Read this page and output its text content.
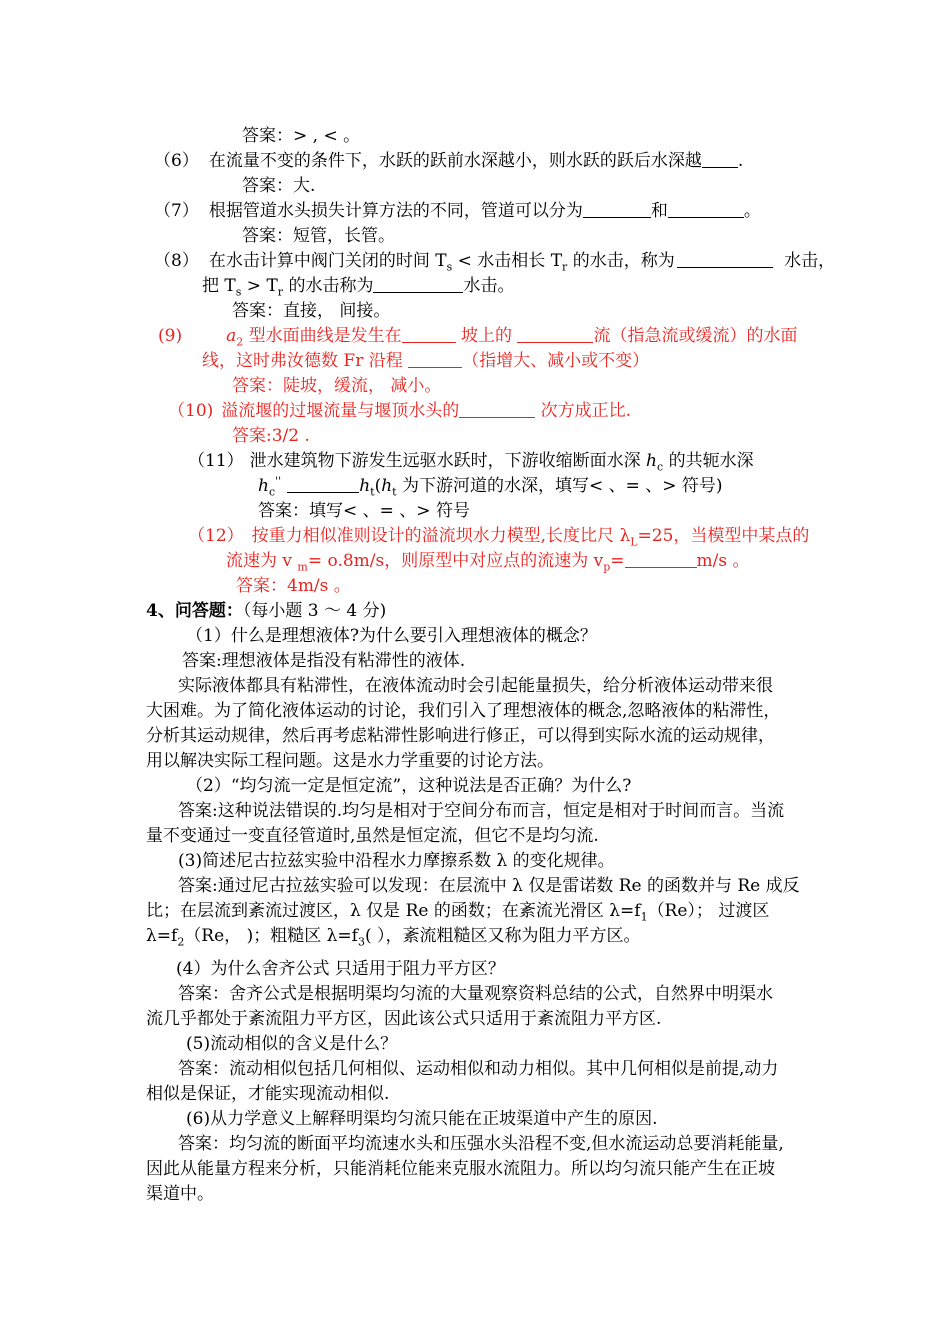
答案：> , < 。
（6） 在流量不变的条件下，水跃的跃前水深越小，则水跃的跃后水深越 .
答案：大.
（7） 根据管道水头损失计算方法的不同，管道可以分为	和	。
答案：短管，长管。
（8） 在水击计算中阀门关闭的时间 $T_s$ < 水击相长 $T_r$ 的水击，称为	水击，
把 $T_s > T_r$ 的水击称为	水击。
答案：直接， 间接。
(9)	$a_2$ 型水面曲线是发生在	坡上的	流（指急流或缓流）的水面
线，这时弗汝德数 Fr 沿程	（指增大、减小或不变）
答案：陡坡，缓流， 减小。
（10) 溢流堰的过堰流量与堰顶水头的	次方成正比.
答案:3/2 .
（11） 泄水建筑物下游发生远驱水跃时，下游收缩断面水深 $h_c$ 的共轭水深
$h_c''$	$h_t(h_t$ 为下游河道的水深，填写< 、= 、> 符号)
答案：填写< 、= 、> 符号
（12） 按重力相似准则设计的溢流坝水力模型,长度比尺 $\lambda_L=25$，当模型中某点的
流速为 v $_m$= o.8m/s，则原型中对应点的流速为 $v_p=$	m/s 。
答案：4m/s 。
4、问答题：（每小题 3 ～ 4 分)
（1）什么是理想液体?为什么要引入理想液体的概念？
答案:理想液体是指没有粘滞性的液体.
实际液体都具有粘滞性，在液体流动时会引起能量损失，给分析液体运动带来很
大困难。为了简化液体运动的讨论，我们引入了理想液体的概念,忽略液体的粘滞性，
分析其运动规律，然后再考虑粘滞性影响进行修正，可以得到实际水流的运动规律，
用以解决实际工程问题。这是水力学重要的讨论方法。
（2）“均匀流一定是恒定流”，这种说法是否正确？为什么?
答案:这种说法错误的.均匀是相对于空间分布而言，恒定是相对于时间而言。当流
量不变通过一变直径管道时,虽然是恒定流，但它不是均匀流.
(3)简述尼古拉兹实验中沿程水力摩擦系数 λ 的变化规律。
答案:通过尼古拉兹实验可以发现：在层流中 λ 仅是雷诺数 Re 的函数并与 Re 成反
比；在层流到紊流过渡区，λ 仅是 Re 的函数；在紊流光滑区 $\lambda=f_1(Re)$； 过渡区
$\lambda=f_2(Re$， )；粗糙区 $\lambda=f_3$( ），紊流粗糙区又称为阻力平方区。
(4）为什么舍齐公式 只适用于阻力平方区？
答案：舍齐公式是根据明渠均匀流的大量观察资料总结的公式，自然界中明渠水
流几乎都处于紊流阻力平方区，因此该公式只适用于紊流阻力平方区.
(5)流动相似的含义是什么？
答案：流动相似包括几何相似、运动相似和动力相似。其中几何相似是前提,动力
相似是保证，才能实现流动相似.
(6)从力学意义上解释明渠均匀流只能在正坡渠道中产生的原因.
答案：均匀流的断面平均流速水头和压强水头沿程不变,但水流运动总要消耗能量,
因此从能量方程来分析，只能消耗位能来克服水流阻力。所以均匀流只能产生在正坡
渠道中。
